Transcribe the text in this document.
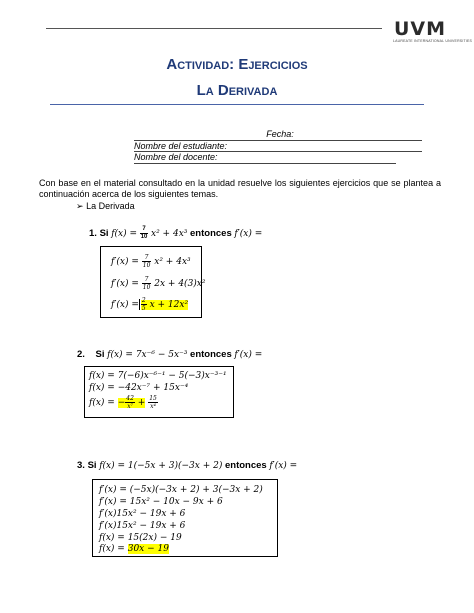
UVM
LAUREATE INTERNATIONAL UNIVERSITIES
Actividad: Ejercicios
La Derivada
Fecha:
Nombre del estudiante:
Nombre del docente:
Con base en el material consultado en la unidad resuelve los siguientes ejercicios que se plantea a continuación acerca de los siguientes temas.
➢ La Derivada
1. Si $f(x) = \frac{7}{10} x^2 + 4x^3$ entonces f′(x) =
$f'(x) = \frac{7}{10} x^2 + 4x^3$
$f'(x) = \frac{7}{10} 2x + 4(3)x^2$
$f'(x) = \frac{2}{5}$ x + 12x²
2. Si f(x) = 7x⁻⁶ − 5x⁻³ entonces f′(x) =
f(x) = 7(−6)x⁻⁶⁻¹ − 5(−3)x⁻³⁻¹
f(x) = −42x⁻⁷ + 15x⁻⁴
f(x) = − $\frac{42}{\text{x⁷}} + \frac{15}{\text{x⁴}}$
3. Si f(x) = 1(−5x + 3)(−3x + 2) entonces f′(x) =
f′(x) = (−5x)(−3x + 2) + 3(−3x + 2)
f′(x) = 15x² − 10x − 9x + 6
f′(x)15x² − 19x + 6
f′(x)15x² − 19x + 6
f(x) = 15(2x) − 19
f(x) = 30x − 19
